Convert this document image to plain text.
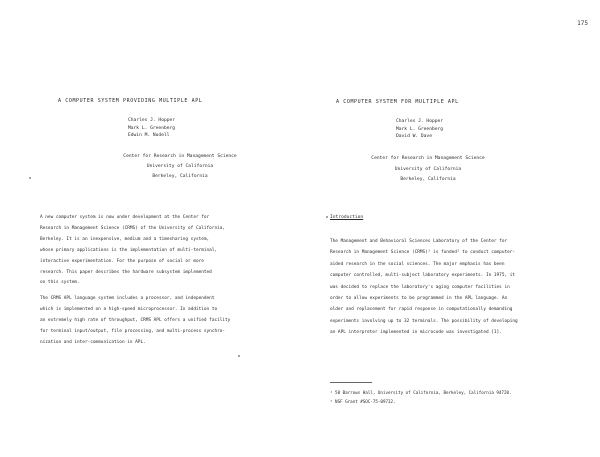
175
A COMPUTER SYSTEM PROVIDING MULTIPLE APL
Charles J. Hopper
Mark L. Greenberg
Edwin M. Nudell
Center for Research in Management Science
University of California
Berkeley, California

A new computer system is now under development at the Center for
Research in Management Science (CRMS) of the University of California,
Berkeley. It is an inexpensive, medium and a timesharing system,
whose primary applications is the implementation of multi-terminal,
interactive experimentation. For the purpose of social or more
research. This paper describes the hardware subsystem implemented
on this system.

The CRMS APL language system includes a processor, and independent
which is implemented on a high-speed microprocessor. In addition to
an extremely high rate of throughput, CRMS APL offers a unified facility
for terminal input/output, file processing, and multi-process synchro-
nization and inter-communication in APL.

A COMPUTER SYSTEM FOR MULTIPLE APL
Charles J. Hopper
Mark L. Greenberg
David W. Dave
Center for Research in Management Science
University of California
Berkeley, California
Introduction
The Management and Behavioral Sciences Laboratory of the Center for
Research in Management Science (CRMS)¹ is funded² to conduct computer-
aided research in the social sciences. The major emphasis has been
computer controlled, multi-subject laboratory experiments. In 1975, it
was decided to replace the laboratory's aging computer facilities in
order to allow experiments to be programmed in the APL language. An
older and replacement for rapid response in computationally demanding
experiments involving up to 32 terminals. The possibility of developing
an APL interpreter implemented in microcode was investigated [1].
¹ 50 Barrows Hall, University of California, Berkeley, California 94720.
² NSF Grant #SOC-75-09732.
